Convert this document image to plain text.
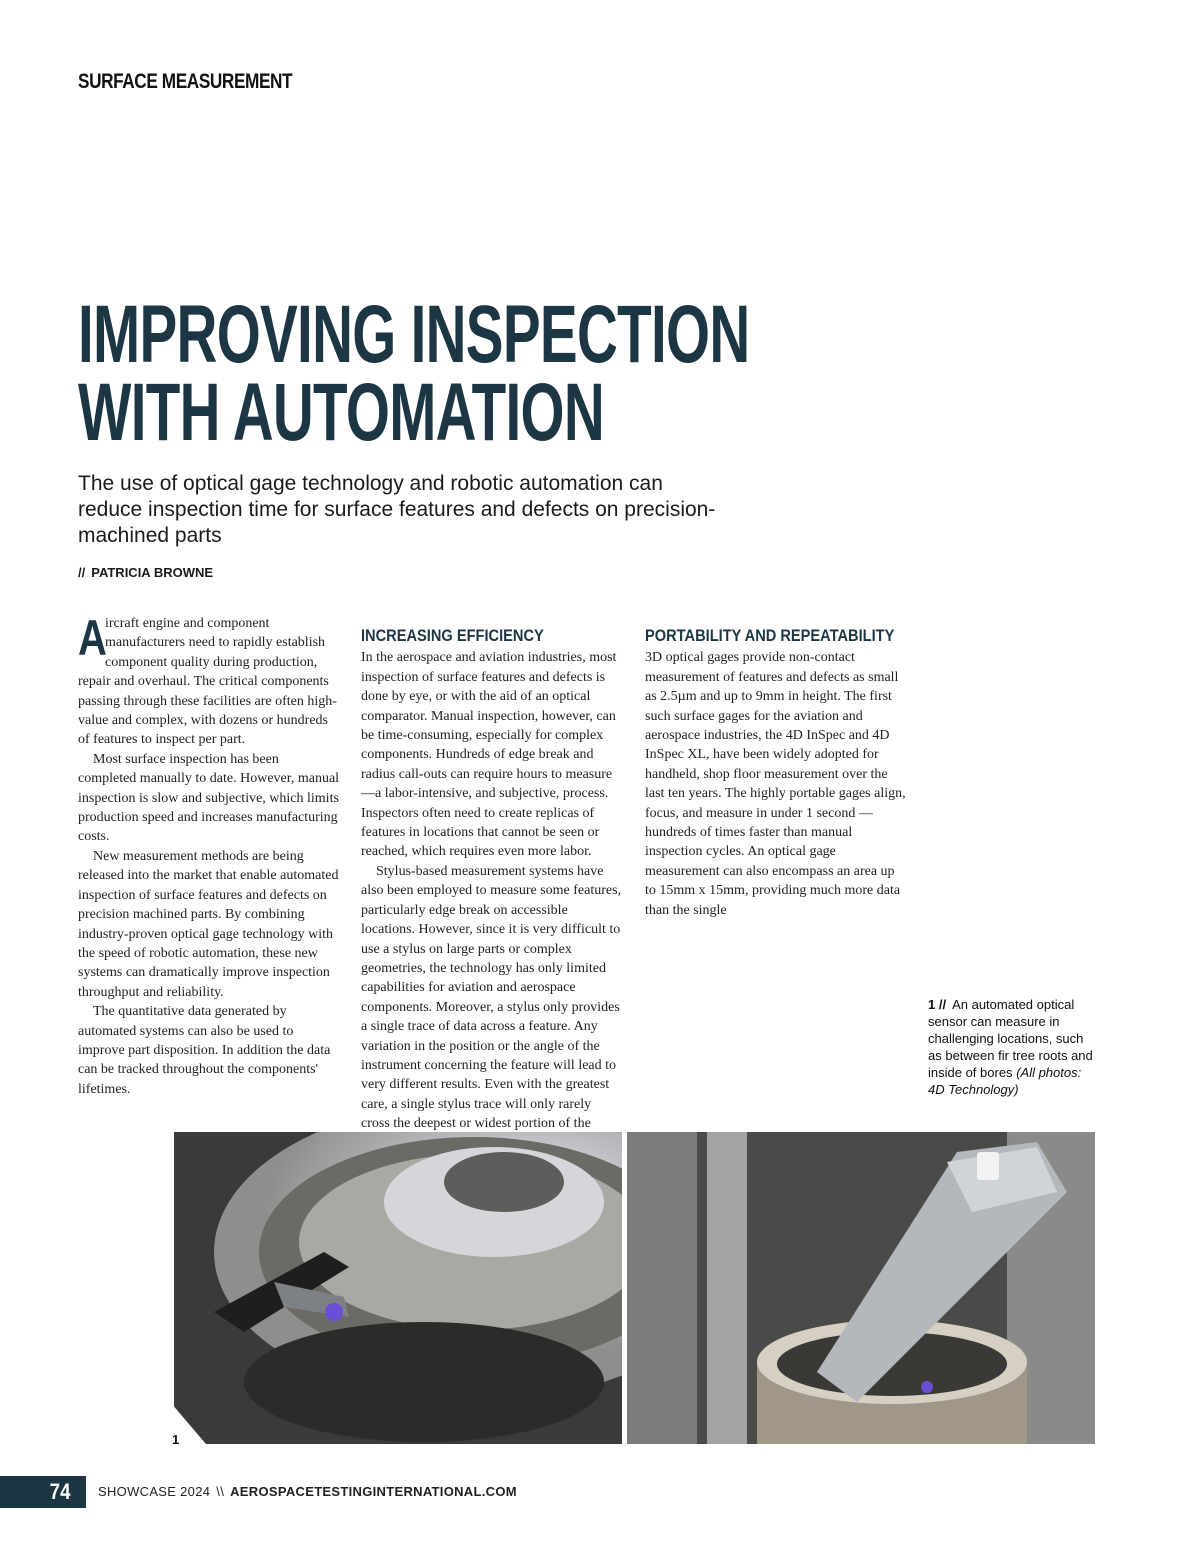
SURFACE MEASUREMENT
IMPROVING INSPECTION
WITH AUTOMATION

The use of optical gage technology and robotic automation can reduce inspection time for surface features and defects on precision-machined parts

// PATRICIA BROWNE

A
ircraft engine and component manufacturers need to rapidly establish component quality during production, repair and overhaul. The critical components passing through these facilities are often high-value and complex, with dozens or hundreds of features to inspect per part.

Most surface inspection has been completed manually to date. However, manual inspection is slow and subjective, which limits production speed and increases manufacturing costs.

New measurement methods are being released into the market that enable automated inspection of surface features and defects on precision machined parts. By combining industry-proven optical gage technology with the speed of robotic automation, these new systems can dramatically improve inspection throughput and reliability.

The quantitative data generated by automated systems can also be used to improve part disposition. In addition the data can be tracked throughout the components' lifetimes.

INCREASING EFFICIENCY

In the aerospace and aviation industries, most inspection of surface features and defects is done by eye, or with the aid of an optical comparator. Manual inspection, however, can be time-consuming, especially for complex components. Hundreds of edge break and radius call-outs can require hours to measure—a labor-intensive, and subjective, process. Inspectors often need to create replicas of features in locations that cannot be seen or reached, which requires even more labor.

Stylus-based measurement systems have also been employed to measure some features, particularly edge break on accessible locations. However, since it is very difficult to use a stylus on large parts or complex geometries, the technology has only limited capabilities for aviation and aerospace components. Moreover, a stylus only provides a single trace of data across a feature. Any variation in the position or the angle of the instrument concerning the feature will lead to very different results. Even with the greatest care, a single stylus trace will only rarely cross the deepest or widest portion of the

PORTABILITY AND REPEATABILITY

3D optical gages provide non-contact measurement of features and defects as small as 2.5µm and up to 9mm in height. The first such surface gages for the aviation and aerospace industries, the 4D InSpec and 4D InSpec XL, have been widely adopted for handheld, shop floor measurement over the last ten years. The highly portable gages align, focus, and measure in under 1 second — hundreds of times faster than manual inspection cycles. An optical gage measurement can also encompass an area up to 15mm x 15mm, providing much more data than the single

1 // An automated optical sensor can measure in challenging locations, such as between fir tree roots and inside of bores (All photos: 4D Technology)
1
74 SHOWCASE 2024 \\ AEROSPACETESTINGINTERNATIONAL.COM
